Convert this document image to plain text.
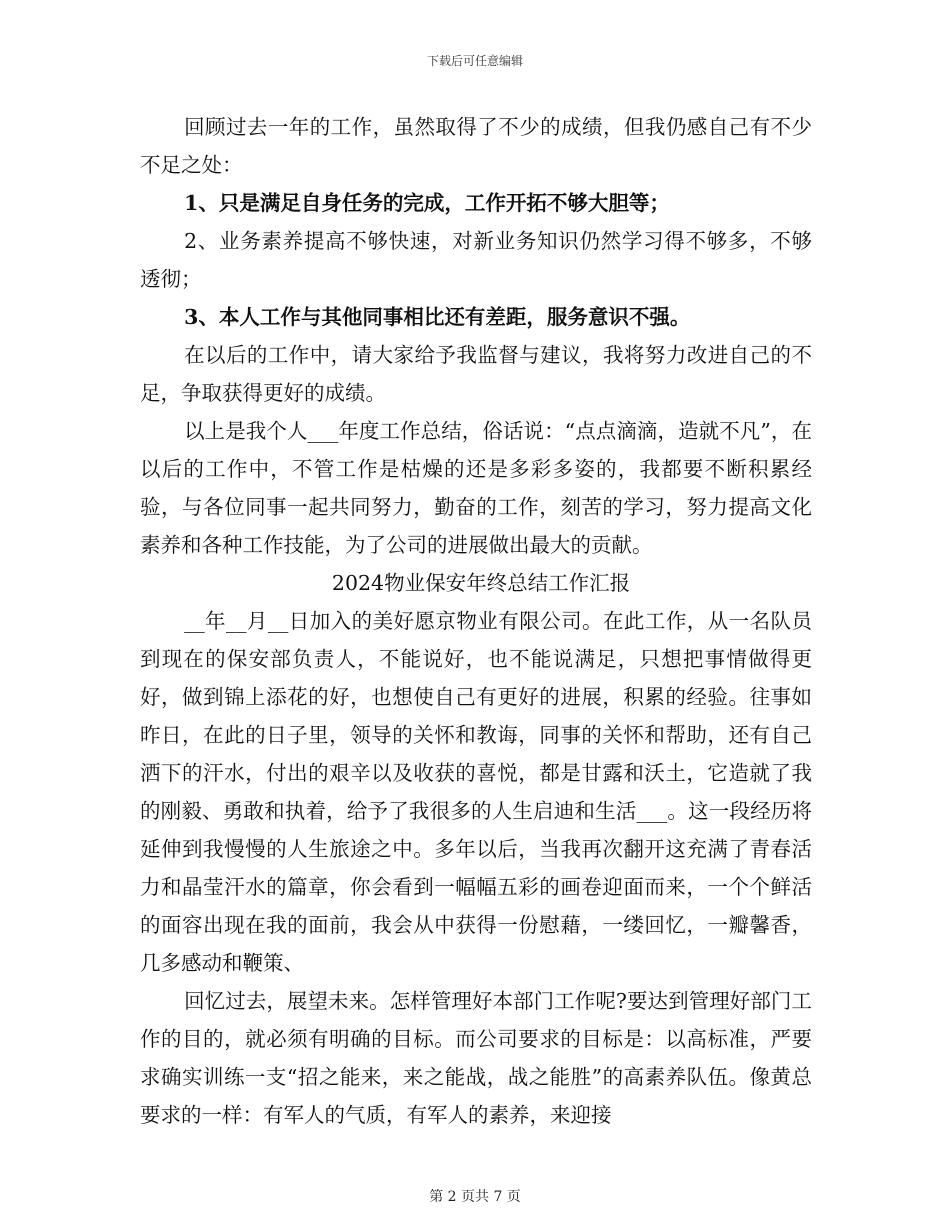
下载后可任意编辑

回顾过去一年的工作，虽然取得了不少的成绩，但我仍感自己有不少不足之处：

1、只是满足自身任务的完成，工作开拓不够大胆等；

2、业务素养提高不够快速，对新业务知识仍然学习得不够多，不够透彻；

3、本人工作与其他同事相比还有差距，服务意识不强。

在以后的工作中，请大家给予我监督与建议，我将努力改进自己的不足，争取获得更好的成绩。

以上是我个人___年度工作总结，俗话说：“点点滴滴，造就不凡”，在以后的工作中，不管工作是枯燥的还是多彩多姿的，我都要不断积累经验，与各位同事一起共同努力，勤奋的工作，刻苦的学习，努力提高文化素养和各种工作技能，为了公司的进展做出最大的贡献。

2024物业保安年终总结工作汇报

__年__月__日加入的美好愿京物业有限公司。在此工作，从一名队员到现在的保安部负责人，不能说好，也不能说满足，只想把事情做得更好，做到锦上添花的好，也想使自己有更好的进展，积累的经验。往事如昨日，在此的日子里，领导的关怀和教诲，同事的关怀和帮助，还有自己洒下的汗水，付出的艰辛以及收获的喜悦，都是甘露和沃土，它造就了我的刚毅、勇敢和执着，给予了我很多的人生启迪和生活___。这一段经历将延伸到我慢慢的人生旅途之中。多年以后，当我再次翻开这充满了青春活力和晶莹汗水的篇章，你会看到一幅幅五彩的画卷迎面而来，一个个鲜活的面容出现在我的面前，我会从中获得一份慰藉，一缕回忆，一瓣馨香，几多感动和鞭策、

回忆过去，展望未来。怎样管理好本部门工作呢?要达到管理好部门工作的目的，就必须有明确的目标。而公司要求的目标是：以高标准，严要求确实训练一支“招之能来，来之能战，战之能胜”的高素养队伍。像黄总要求的一样：有军人的气质，有军人的素养，来迎接

第 2 页共 7 页
